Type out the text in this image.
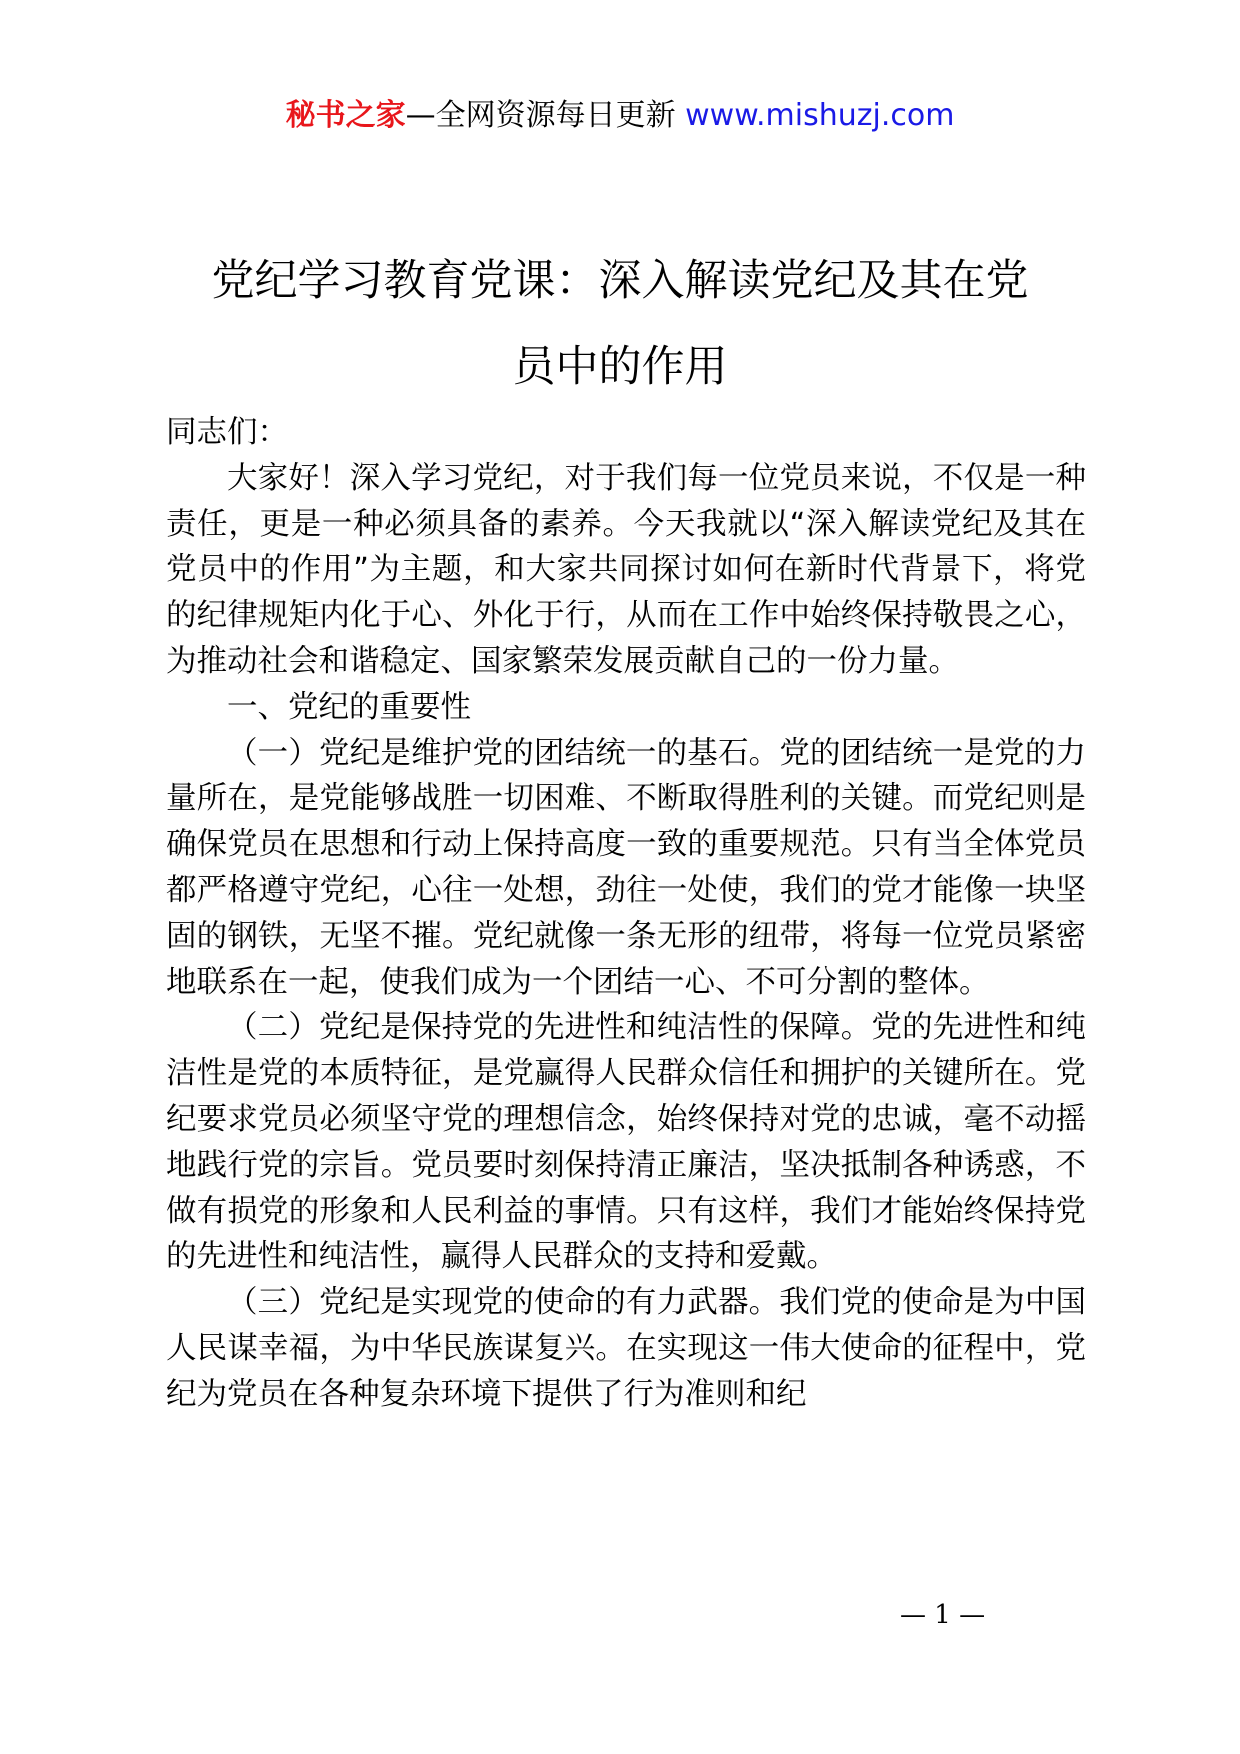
秘书之家—全网资源每日更新 www.mishuzj.com
党纪学习教育党课：深入解读党纪及其在党
员中的作用

同志们：

大家好！深入学习党纪，对于我们每一位党员来说，不仅是一种责任，更是一种必须具备的素养。今天我就以“深入解读党纪及其在党员中的作用”为主题，和大家共同探讨如何在新时代背景下，将党的纪律规矩内化于心、外化于行，从而在工作中始终保持敬畏之心，为推动社会和谐稳定、国家繁荣发展贡献自己的一份力量。

一、党纪的重要性

（一）党纪是维护党的团结统一的基石。党的团结统一是党的力量所在，是党能够战胜一切困难、不断取得胜利的关键。而党纪则是确保党员在思想和行动上保持高度一致的重要规范。只有当全体党员都严格遵守党纪，心往一处想，劲往一处使，我们的党才能像一块坚固的钢铁，无坚不摧。党纪就像一条无形的纽带，将每一位党员紧密地联系在一起，使我们成为一个团结一心、不可分割的整体。

（二）党纪是保持党的先进性和纯洁性的保障。党的先进性和纯洁性是党的本质特征，是党赢得人民群众信任和拥护的关键所在。党纪要求党员必须坚守党的理想信念，始终保持对党的忠诚，毫不动摇地践行党的宗旨。党员要时刻保持清正廉洁，坚决抵制各种诱惑，不做有损党的形象和人民利益的事情。只有这样，我们才能始终保持党的先进性和纯洁性，赢得人民群众的支持和爱戴。

（三）党纪是实现党的使命的有力武器。我们党的使命是为中国人民谋幸福，为中华民族谋复兴。在实现这一伟大使命的征程中，党纪为党员在各种复杂环境下提供了行为准则和纪

— 1 —
